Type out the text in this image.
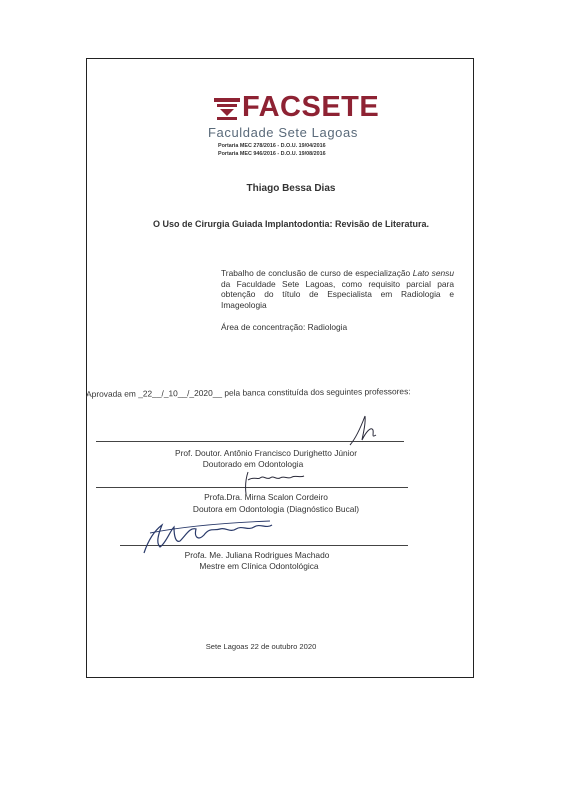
FACSETE
Faculdade Sete Lagoas
Portaria MEC 278/2016 - D.O.U. 19/04/2016
Portaria MEC 946/2016 - D.O.U. 19/08/2016
Thiago Bessa Dias
O Uso de Cirurgia Guiada Implantodontia: Revisão de Literatura.
Trabalho de conclusão de curso de especialização Lato sensu da Faculdade Sete Lagoas, como requisito parcial para obtenção do título de Especialista em Radiologia e Imageologia
Área de concentração: Radiologia
Aprovada em _22__/_10__/_2020__ pela banca constituída dos seguintes professores:
Prof. Doutor. Antônio Francisco Durighetto Júnior
Doutorado em Odontologia
Profa.Dra. Mirna Scalon Cordeiro
Doutora em Odontologia (Diagnóstico Bucal)
Profa. Me. Juliana Rodrigues Machado
Mestre em Clínica Odontológica
Sete Lagoas 22 de outubro 2020
